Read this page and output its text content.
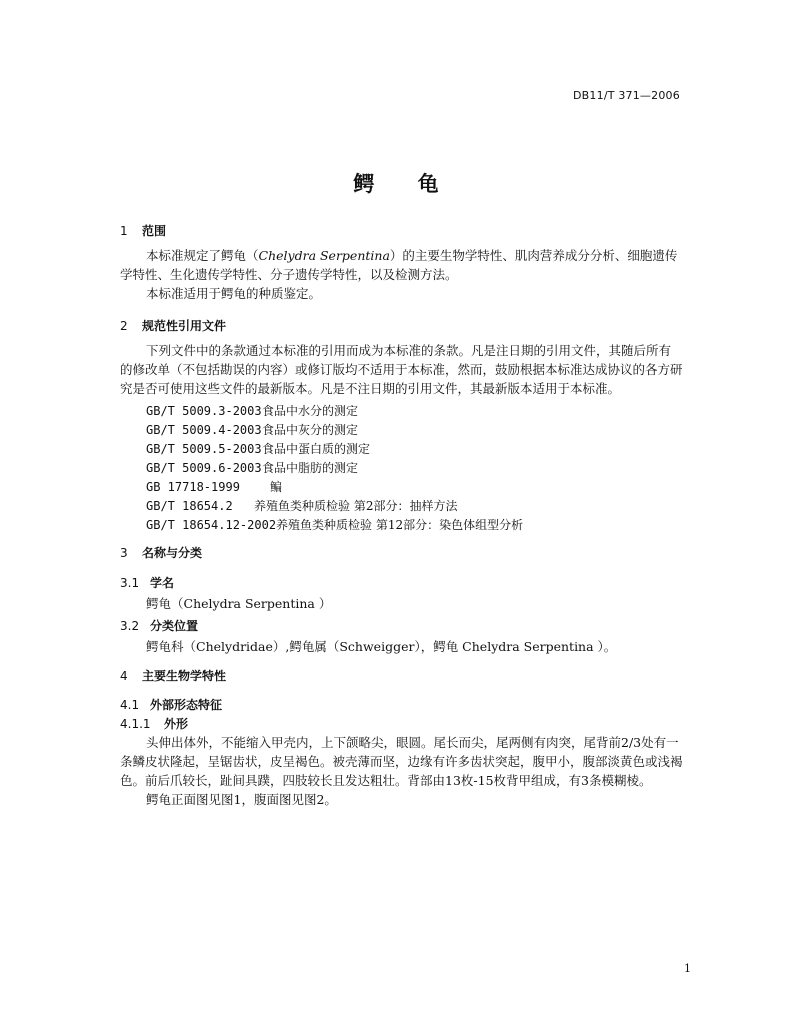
DB11/T 371—2006
鳄 龟
1 范围
本标准规定了鳄龟（Chelydra Serpentina）的主要生物学特性、肌肉营养成分分析、细胞遗传
学特性、生化遗传学特性、分子遗传学特性，以及检测方法。
本标准适用于鳄龟的种质鉴定。
2 规范性引用文件
下列文件中的条款通过本标准的引用而成为本标准的条款。凡是注日期的引用文件，其随后所有
的修改单（不包括勘误的内容）或修订版均不适用于本标准，然而，鼓励根据本标准达成协议的各方研
究是否可使用这些文件的最新版本。凡是不注日期的引用文件，其最新版本适用于本标准。
GB/T 5009.3-2003食品中水分的测定
GB/T 5009.4-2003食品中灰分的测定
GB/T 5009.5-2003食品中蛋白质的测定
GB/T 5009.6-2003食品中脂肪的测定
GB 17718-1999	鳊
GB/T 18654.2 养殖鱼类种质检验 第2部分：抽样方法
GB/T 18654.12-2002养殖鱼类种质检验 第12部分：染色体组型分析
3 名称与分类
3.1 学名
鳄龟（Chelydra Serpentina ）
3.2 分类位置
鳄龟科（Chelydridae）,鳄龟属（Schweigger），鳄龟 Chelydra Serpentina ）。
4 主要生物学特性
4.1 外部形态特征
4.1.1 外形
头伸出体外，不能缩入甲壳内，上下颌略尖，眼圆。尾长而尖，尾两侧有肉突，尾背前2/3处有一
条鳞皮状隆起，呈锯齿状，皮呈褐色。被壳薄而坚，边缘有许多齿状突起，腹甲小，腹部淡黄色或浅褐
色。前后爪较长，趾间具蹼，四肢较长且发达粗壮。背部由13枚-15枚背甲组成，有3条模糊棱。
鳄龟正面图见图1，腹面图见图2。
1
